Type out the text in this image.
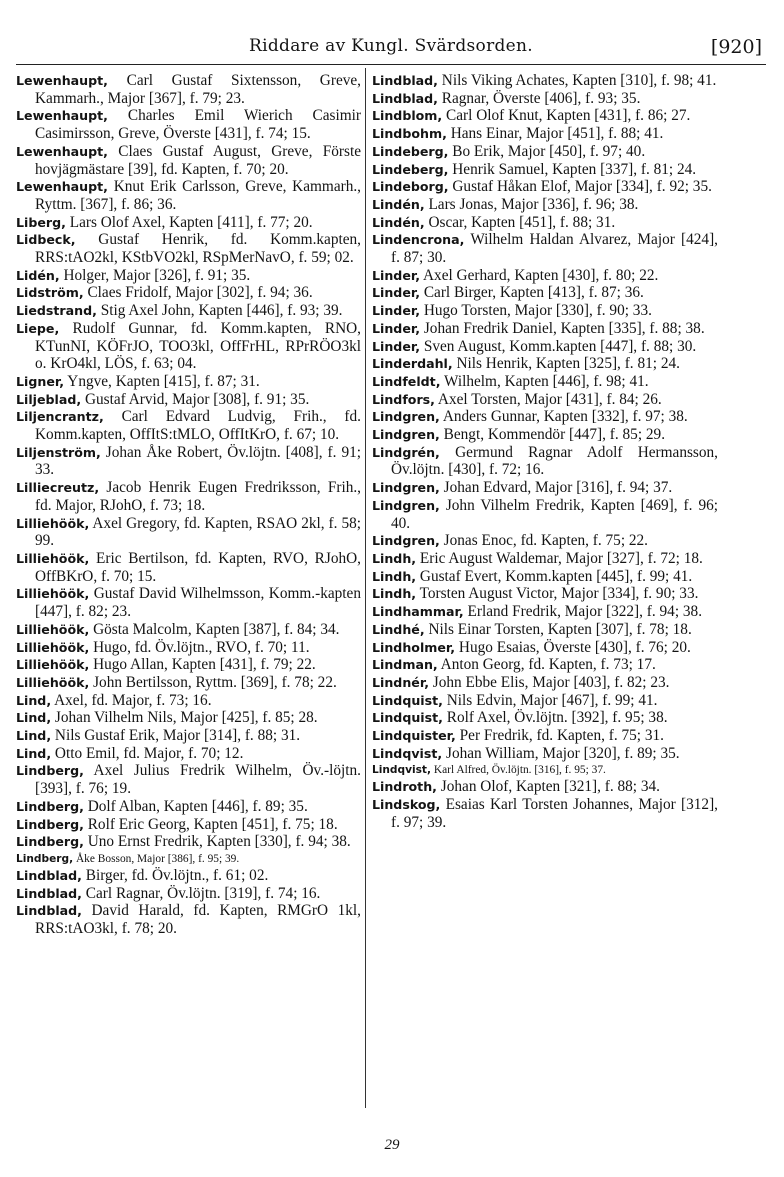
Riddare av Kungl. Svärdsorden.	[920]

Lewenhaupt, Carl Gustaf Sixtensson, Greve, Kammarh., Major [367], f. 79; 23.

Lewenhaupt, Charles Emil Wierich Casimir Casimirsson, Greve, Överste [431], f. 74; 15.

Lewenhaupt, Claes Gustaf August, Greve, Förste hovjägmästare [39], fd. Kapten, f. 70; 20.

Lewenhaupt, Knut Erik Carlsson, Greve, Kammarh., Ryttm. [367], f. 86; 36.

Liberg, Lars Olof Axel, Kapten [411], f. 77; 20.

Lidbeck, Gustaf Henrik, fd. Komm.kapten, RRS:tAO2kl, KStbVO2kl, RSpMerNavO, f. 59; 02.

Lidén, Holger, Major [326], f. 91; 35.

Lidström, Claes Fridolf, Major [302], f. 94; 36.

Liedstrand, Stig Axel John, Kapten [446], f. 93; 39.

Liepe, Rudolf Gunnar, fd. Komm.kapten, RNO, KTunNI, KÖFrJO, TOO3kl, OffFrHL, RPrRÖO3kl o. KrO4kl, LÖS, f. 63; 04.

Ligner, Yngve, Kapten [415], f. 87; 31.

Liljeblad, Gustaf Arvid, Major [308], f. 91; 35.

Liljencrantz, Carl Edvard Ludvig, Frih., fd. Komm.kapten, OffItS:tMLO, OffItKrO, f. 67; 10.

Liljenström, Johan Åke Robert, Öv.löjtn. [408], f. 91; 33.

Lilliecreutz, Jacob Henrik Eugen Fredriksson, Frih., fd. Major, RJohO, f. 73; 18.

Lilliehöök, Axel Gregory, fd. Kapten, RSAO 2kl, f. 58; 99.

Lilliehöök, Eric Bertilson, fd. Kapten, RVO, RJohO, OffBKrO, f. 70; 15.

Lilliehöök, Gustaf David Wilhelmsson, Komm.-kapten [447], f. 82; 23.

Lilliehöök, Gösta Malcolm, Kapten [387], f. 84; 34.

Lilliehöök, Hugo, fd. Öv.löjtn., RVO, f. 70; 11.

Lilliehöök, Hugo Allan, Kapten [431], f. 79; 22.

Lilliehöök, John Bertilsson, Ryttm. [369], f. 78; 22.

Lind, Axel, fd. Major, f. 73; 16.

Lind, Johan Vilhelm Nils, Major [425], f. 85; 28.

Lind, Nils Gustaf Erik, Major [314], f. 88; 31.

Lind, Otto Emil, fd. Major, f. 70; 12.

Lindberg, Axel Julius Fredrik Wilhelm, Öv.-löjtn. [393], f. 76; 19.

Lindberg, Dolf Alban, Kapten [446], f. 89; 35.

Lindberg, Rolf Eric Georg, Kapten [451], f. 75; 18.

Lindberg, Uno Ernst Fredrik, Kapten [330], f. 94; 38.

Lindberg, Åke Bosson, Major [386], f. 95; 39.

Lindblad, Birger, fd. Öv.löjtn., f. 61; 02.

Lindblad, Carl Ragnar, Öv.löjtn. [319], f. 74; 16.

Lindblad, David Harald, fd. Kapten, RMGrO 1kl, RRS:tAO3kl, f. 78; 20.

Lindblad, Nils Viking Achates, Kapten [310], f. 98; 41.

Lindblad, Ragnar, Överste [406], f. 93; 35.

Lindblom, Carl Olof Knut, Kapten [431], f. 86; 27.

Lindbohm, Hans Einar, Major [451], f. 88; 41.

Lindeberg, Bo Erik, Major [450], f. 97; 40.

Lindeberg, Henrik Samuel, Kapten [337], f. 81; 24.

Lindeborg, Gustaf Håkan Elof, Major [334], f. 92; 35.

Lindén, Lars Jonas, Major [336], f. 96; 38.

Lindén, Oscar, Kapten [451], f. 88; 31.

Lindencrona, Wilhelm Haldan Alvarez, Major [424], f. 87; 30.

Linder, Axel Gerhard, Kapten [430], f. 80; 22.

Linder, Carl Birger, Kapten [413], f. 87; 36.

Linder, Hugo Torsten, Major [330], f. 90; 33.

Linder, Johan Fredrik Daniel, Kapten [335], f. 88; 38.

Linder, Sven August, Komm.kapten [447], f. 88; 30.

Linderdahl, Nils Henrik, Kapten [325], f. 81; 24.

Lindfeldt, Wilhelm, Kapten [446], f. 98; 41.

Lindfors, Axel Torsten, Major [431], f. 84; 26.

Lindgren, Anders Gunnar, Kapten [332], f. 97; 38.

Lindgren, Bengt, Kommendör [447], f. 85; 29.

Lindgrén, Germund Ragnar Adolf Hermansson, Öv.löjtn. [430], f. 72; 16.

Lindgren, Johan Edvard, Major [316], f. 94; 37.

Lindgren, John Vilhelm Fredrik, Kapten [469], f. 96; 40.

Lindgren, Jonas Enoc, fd. Kapten, f. 75; 22.

Lindh, Eric August Waldemar, Major [327], f. 72; 18.

Lindh, Gustaf Evert, Komm.kapten [445], f. 99; 41.

Lindh, Torsten August Victor, Major [334], f. 90; 33.

Lindhammar, Erland Fredrik, Major [322], f. 94; 38.

Lindhé, Nils Einar Torsten, Kapten [307], f. 78; 18.

Lindholmer, Hugo Esaias, Överste [430], f. 76; 20.

Lindman, Anton Georg, fd. Kapten, f. 73; 17.

Lindnér, John Ebbe Elis, Major [403], f. 82; 23.

Lindquist, Nils Edvin, Major [467], f. 99; 41.

Lindquist, Rolf Axel, Öv.löjtn. [392], f. 95; 38.

Lindquister, Per Fredrik, fd. Kapten, f. 75; 31.

Lindqvist, Johan William, Major [320], f. 89; 35.

Lindqvist, Karl Alfred, Öv.löjtn. [316], f. 95; 37.

Lindroth, Johan Olof, Kapten [321], f. 88; 34.

Lindskog, Esaias Karl Torsten Johannes, Major [312], f. 97; 39.

29
